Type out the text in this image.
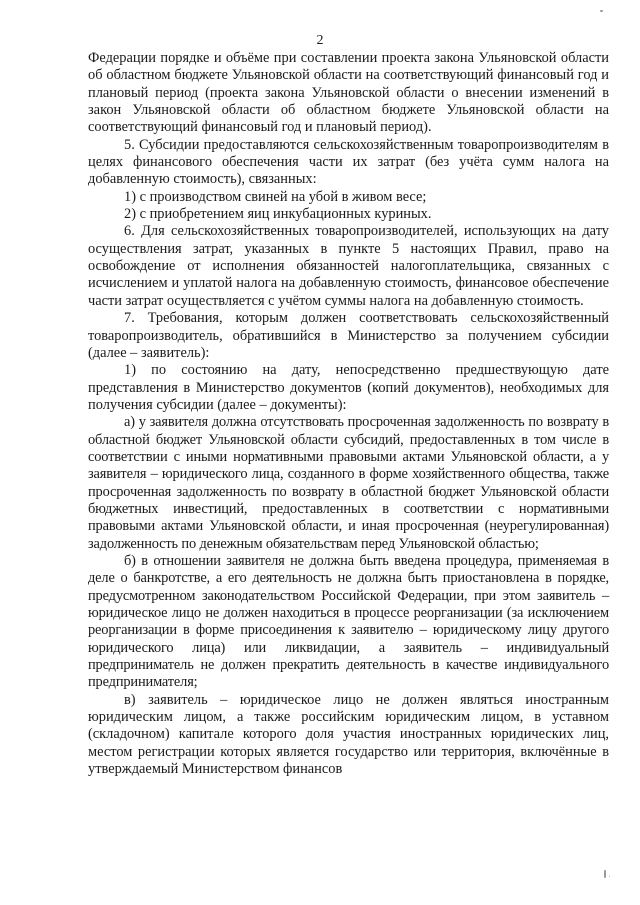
2

Федерации порядке и объёме при составлении проекта закона Ульяновской области об областном бюджете Ульяновской области на соответствующий финансовый год и плановый период (проекта закона Ульяновской области о внесении изменений в закон Ульяновской области об областном бюджете Ульяновской области на соответствующий финансовый год и плановый период).

5. Субсидии предоставляются сельскохозяйственным товаропроизводителям в целях финансового обеспечения части их затрат (без учёта сумм налога на добавленную стоимость), связанных:

1) с производством свиней на убой в живом весе;

2) с приобретением яиц инкубационных куриных.

6. Для сельскохозяйственных товаропроизводителей, использующих на дату осуществления затрат, указанных в пункте 5 настоящих Правил, право на освобождение от исполнения обязанностей налогоплательщика, связанных с исчислением и уплатой налога на добавленную стоимость, финансовое обеспечение части затрат осуществляется с учётом суммы налога на добавленную стоимость.

7. Требования, которым должен соответствовать сельскохозяйственный товаропроизводитель, обратившийся в Министерство за получением субсидии (далее – заявитель):

1) по состоянию на дату, непосредственно предшествующую дате представления в Министерство документов (копий документов), необходимых для получения субсидии (далее – документы):

а) у заявителя должна отсутствовать просроченная задолженность по возврату в областной бюджет Ульяновской области субсидий, предоставленных в том числе в соответствии с иными нормативными правовыми актами Ульяновской области, а у заявителя – юридического лица, созданного в форме хозяйственного общества, также просроченная задолженность по возврату в областной бюджет Ульяновской области бюджетных инвестиций, предоставленных в соответствии с нормативными правовыми актами Ульяновской области, и иная просроченная (неурегулированная) задолженность по денежным обязательствам перед Ульяновской областью;

б) в отношении заявителя не должна быть введена процедура, применяемая в деле о банкротстве, а его деятельность не должна быть приостановлена в порядке, предусмотренном законодательством Российской Федерации, при этом заявитель – юридическое лицо не должен находиться в процессе реорганизации (за исключением реорганизации в форме присоединения к заявителю – юридическому лицу другого юридического лица) или ликвидации, а заявитель – индивидуальный предприниматель не должен прекратить деятельность в качестве индивидуального предпринимателя;

в) заявитель – юридическое лицо не должен являться иностранным юридическим лицом, а также российским юридическим лицом, в уставном (складочном) капитале которого доля участия иностранных юридических лиц, местом регистрации которых является государство или территория, включённые в утверждаемый Министерством финансов
